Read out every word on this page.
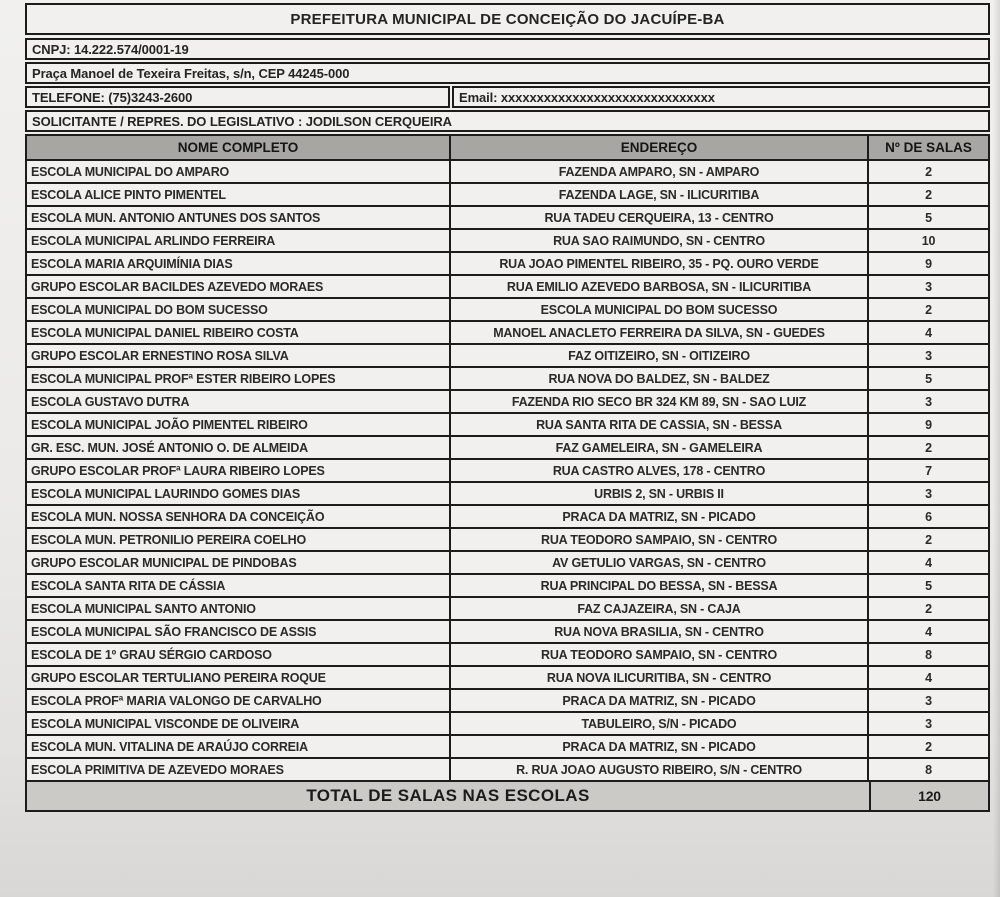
PREFEITURA MUNICIPAL DE CONCEIÇÃO DO JACUÍPE-BA
CNPJ: 14.222.574/0001-19
Praça Manoel de Texeira Freitas, s/n, CEP 44245-000
TELEFONE: (75)3243-2600	Email: xxxxxxxxxxxxxxxxxxxxxxxxxxxxxx
SOLICITANTE / REPRES. DO LEGISLATIVO : JODILSON CERQUEIRA
NOME COMPLETO	ENDEREÇO	Nº DE SALAS
ESCOLA MUNICIPAL DO AMPARO	FAZENDA AMPARO, SN - AMPARO	2
ESCOLA ALICE PINTO PIMENTEL	FAZENDA LAGE, SN - ILICURITIBA	2
ESCOLA MUN. ANTONIO ANTUNES DOS SANTOS	RUA TADEU CERQUEIRA, 13 - CENTRO	5
ESCOLA MUNICIPAL ARLINDO FERREIRA	RUA SAO RAIMUNDO, SN - CENTRO	10
ESCOLA MARIA ARQUIMÍNIA DIAS	RUA JOAO PIMENTEL RIBEIRO, 35 - PQ. OURO VERDE	9
GRUPO ESCOLAR BACILDES AZEVEDO MORAES	RUA EMILIO AZEVEDO BARBOSA, SN - ILICURITIBA	3
ESCOLA MUNICIPAL DO BOM SUCESSO	ESCOLA MUNICIPAL DO BOM SUCESSO	2
ESCOLA MUNICIPAL DANIEL RIBEIRO COSTA	MANOEL ANACLETO FERREIRA DA SILVA, SN - GUEDES	4
GRUPO ESCOLAR ERNESTINO ROSA SILVA	FAZ OITIZEIRO, SN - OITIZEIRO	3
ESCOLA MUNICIPAL PROFª ESTER RIBEIRO LOPES	RUA NOVA DO BALDEZ, SN - BALDEZ	5
ESCOLA GUSTAVO DUTRA	FAZENDA RIO SECO BR 324 KM 89, SN - SAO LUIZ	3
ESCOLA MUNICIPAL JOÃO PIMENTEL RIBEIRO	RUA SANTA RITA DE CASSIA, SN - BESSA	9
GR. ESC. MUN. JOSÉ ANTONIO O. DE ALMEIDA	FAZ GAMELEIRA, SN - GAMELEIRA	2
GRUPO ESCOLAR PROFª LAURA RIBEIRO LOPES	RUA CASTRO ALVES, 178 - CENTRO	7
ESCOLA MUNICIPAL LAURINDO GOMES DIAS	URBIS 2, SN - URBIS II	3
ESCOLA MUN. NOSSA SENHORA DA CONCEIÇÃO	PRACA DA MATRIZ, SN - PICADO	6
ESCOLA MUN. PETRONILIO PEREIRA COELHO	RUA TEODORO SAMPAIO, SN - CENTRO	2
GRUPO ESCOLAR MUNICIPAL DE PINDOBAS	AV GETULIO VARGAS, SN - CENTRO	4
ESCOLA SANTA RITA DE CÁSSIA	RUA PRINCIPAL DO BESSA, SN - BESSA	5
ESCOLA MUNICIPAL SANTO ANTONIO	FAZ CAJAZEIRA, SN - CAJA	2
ESCOLA MUNICIPAL SÃO FRANCISCO DE ASSIS	RUA NOVA BRASILIA, SN - CENTRO	4
ESCOLA DE 1º GRAU SÉRGIO CARDOSO	RUA TEODORO SAMPAIO, SN - CENTRO	8
GRUPO ESCOLAR TERTULIANO PEREIRA ROQUE	RUA NOVA ILICURITIBA, SN - CENTRO	4
ESCOLA PROFª MARIA VALONGO DE CARVALHO	PRACA DA MATRIZ, SN - PICADO	3
ESCOLA MUNICIPAL VISCONDE DE OLIVEIRA	TABULEIRO, S/N - PICADO	3
ESCOLA MUN. VITALINA DE ARAÚJO CORREIA	PRACA DA MATRIZ, SN - PICADO	2
ESCOLA PRIMITIVA DE AZEVEDO MORAES	R. RUA JOAO AUGUSTO RIBEIRO, S/N - CENTRO	8
TOTAL DE SALAS NAS ESCOLAS	120
